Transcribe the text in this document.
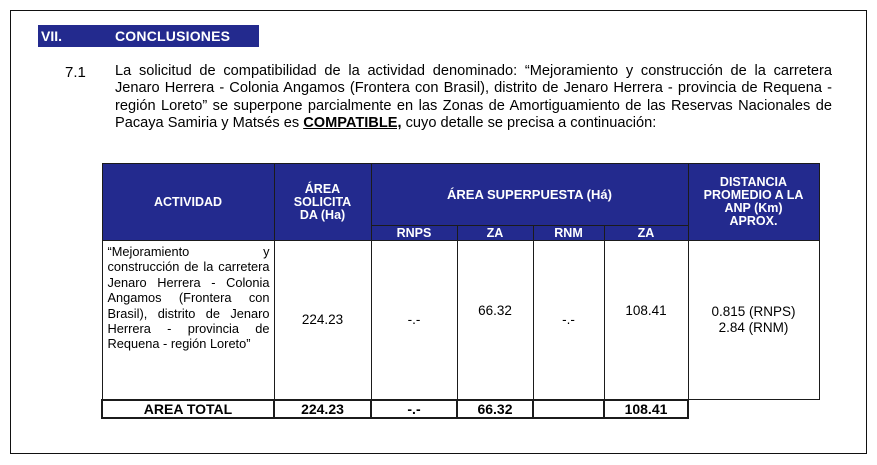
VII.	CONCLUSIONES
7.1 La solicitud de compatibilidad de la actividad denominado: “Mejoramiento y construcción de la carretera Jenaro Herrera - Colonia Angamos (Frontera con Brasil), distrito de Jenaro Herrera - provincia de Requena - región Loreto” se superpone parcialmente en las Zonas de Amortiguamiento de las Reservas Nacionales de Pacaya Samiria y Matsés es COMPATIBLE, cuyo detalle se precisa a continuación:
ACTIVIDAD	ÁREA SOLICITA DA (Ha)	ÁREA SUPERPUESTA (Há)				DISTANCIA PROMEDIO A LA ANP (Km) APROX.
		RNPS	ZA	RNM	ZA	
“Mejoramiento y construcción de la carretera Jenaro Herrera - Colonia Angamos (Frontera con Brasil), distrito de Jenaro Herrera - provincia de Requena - región Loreto”	224.23	-.-	66.32	-.-	108.41	0.815 (RNPS)
2.84 (RNM)

AREA TOTAL	224.23	-.-	66.32		108.41	
